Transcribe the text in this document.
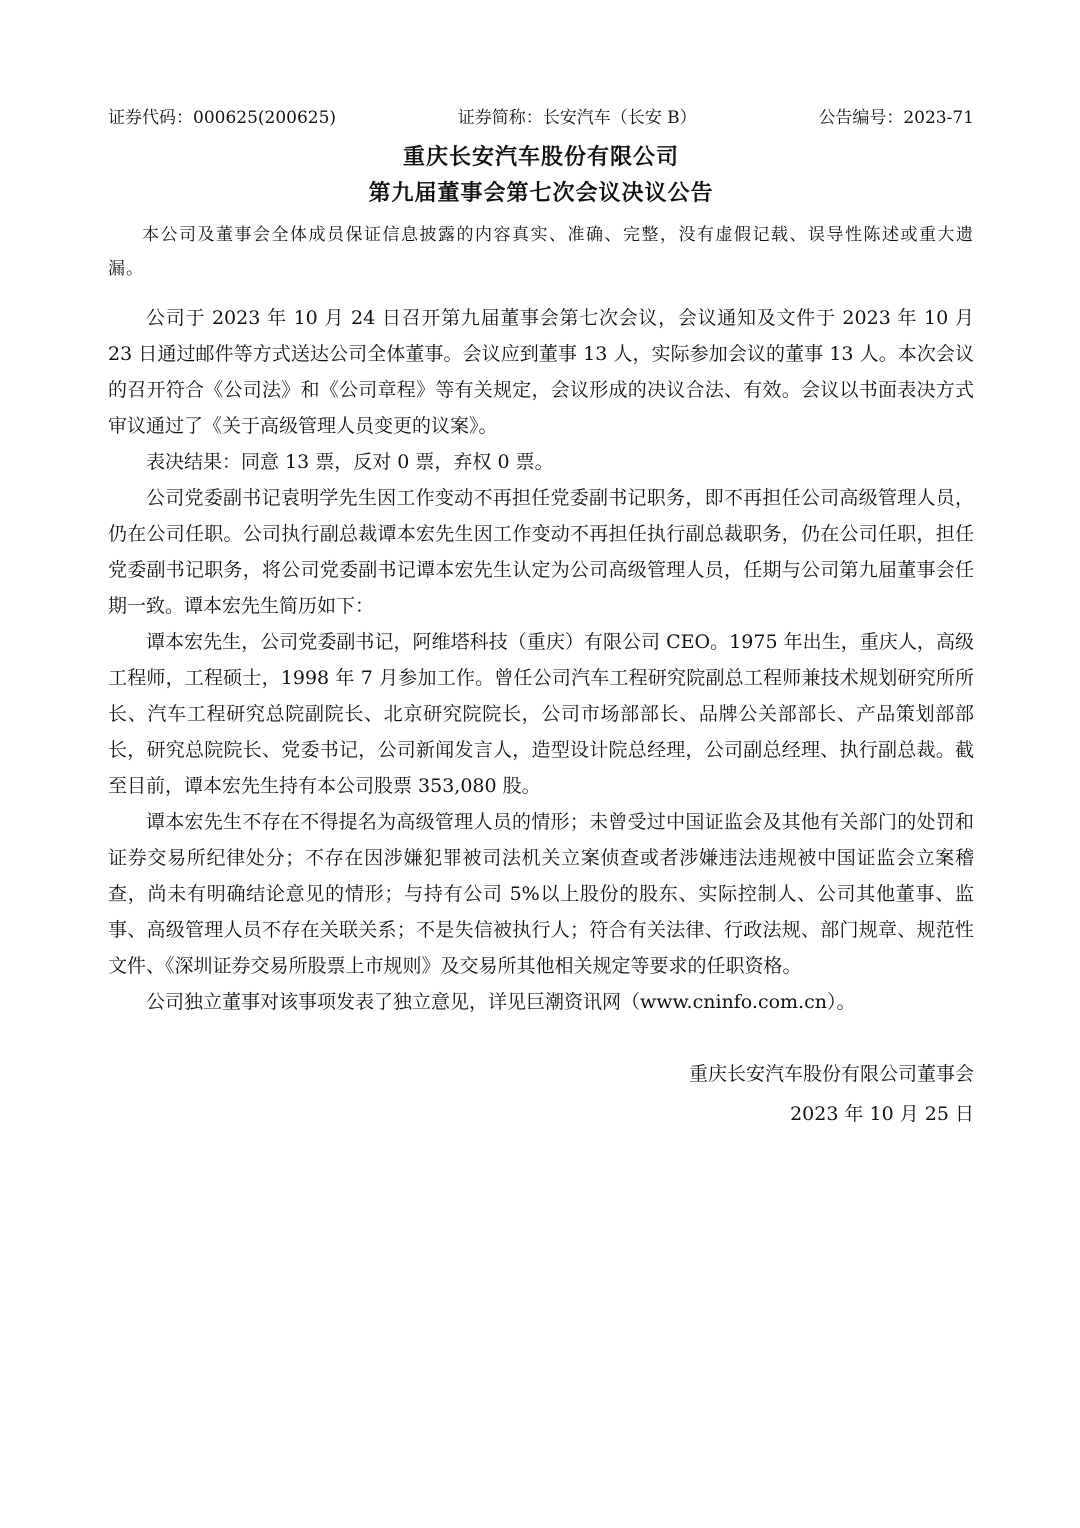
证券代码：000625(200625)	证券简称：长安汽车（长安 B）	公告编号：2023-71
重庆长安汽车股份有限公司
第九届董事会第七次会议决议公告

本公司及董事会全体成员保证信息披露的内容真实、准确、完整，没有虚假记载、误导性陈述或重大遗漏。

公司于 2023 年 10 月 24 日召开第九届董事会第七次会议，会议通知及文件于 2023 年 10 月 23 日通过邮件等方式送达公司全体董事。会议应到董事 13 人，实际参加会议的董事 13 人。本次会议的召开符合《公司法》和《公司章程》等有关规定，会议形成的决议合法、有效。会议以书面表决方式审议通过了《关于高级管理人员变更的议案》。

表决结果：同意 13 票，反对 0 票，弃权 0 票。

公司党委副书记袁明学先生因工作变动不再担任党委副书记职务，即不再担任公司高级管理人员，仍在公司任职。公司执行副总裁谭本宏先生因工作变动不再担任执行副总裁职务，仍在公司任职，担任党委副书记职务，将公司党委副书记谭本宏先生认定为公司高级管理人员，任期与公司第九届董事会任期一致。谭本宏先生简历如下：

谭本宏先生，公司党委副书记，阿维塔科技（重庆）有限公司 CEO。1975 年出生，重庆人，高级工程师，工程硕士，1998 年 7 月参加工作。曾任公司汽车工程研究院副总工程师兼技术规划研究所所长、汽车工程研究总院副院长、北京研究院院长，公司市场部部长、品牌公关部部长、产品策划部部长，研究总院院长、党委书记，公司新闻发言人，造型设计院总经理，公司副总经理、执行副总裁。截至目前，谭本宏先生持有本公司股票 353,080 股。

谭本宏先生不存在不得提名为高级管理人员的情形；未曾受过中国证监会及其他有关部门的处罚和证券交易所纪律处分；不存在因涉嫌犯罪被司法机关立案侦查或者涉嫌违法违规被中国证监会立案稽查，尚未有明确结论意见的情形；与持有公司 5%以上股份的股东、实际控制人、公司其他董事、监事、高级管理人员不存在关联关系；不是失信被执行人；符合有关法律、行政法规、部门规章、规范性文件、《深圳证券交易所股票上市规则》及交易所其他相关规定等要求的任职资格。

公司独立董事对该事项发表了独立意见，详见巨潮资讯网（www.cninfo.com.cn）。

重庆长安汽车股份有限公司董事会
2023 年 10 月 25 日
